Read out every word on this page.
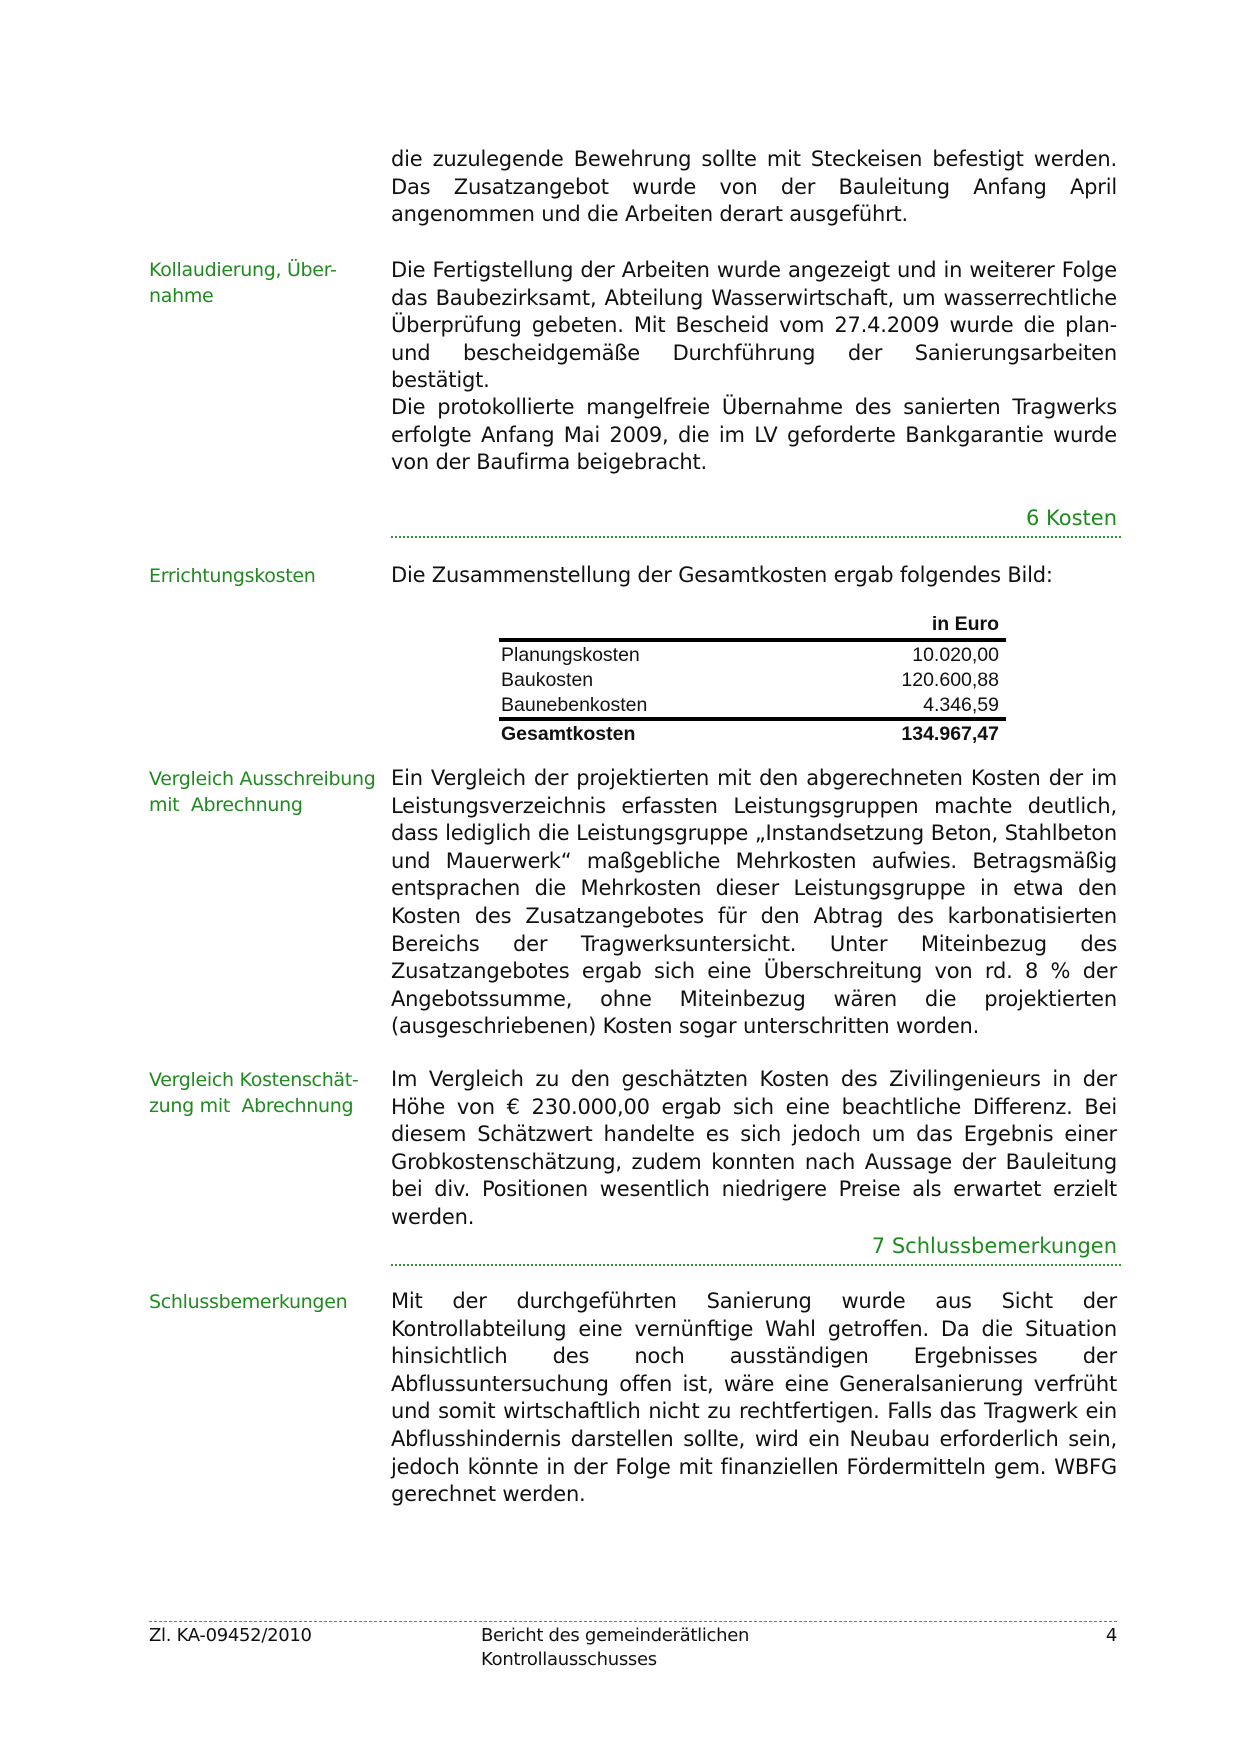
die zuzulegende Bewehrung sollte mit Steckeisen befestigt werden. Das Zusatzangebot wurde von der Bauleitung Anfang April angenommen und die Arbeiten derart ausgeführt.

Kollaudierung, Über-
nahme

Die Fertigstellung der Arbeiten wurde angezeigt und in weiterer Folge das Baubezirksamt, Abteilung Wasserwirtschaft, um wasserrechtliche Überprüfung gebeten. Mit Bescheid vom 27.4.2009 wurde die plan- und bescheidgemäße Durchführung der Sanierungsarbeiten bestätigt.

Die protokollierte mangelfreie Übernahme des sanierten Tragwerks erfolgte Anfang Mai 2009, die im LV geforderte Bankgarantie wurde von der Baufirma beigebracht.

6 Kosten
Errichtungskosten	Die Zusammenstellung der Gesamtkosten ergab folgendes Bild:

	in Euro
Planungskosten	10.020,00
Baukosten	120.600,88
Baunebenkosten	4.346,59
Gesamtkosten	134.967,47
Vergleich Ausschreibung
mit  Abrechnung

Ein Vergleich der projektierten mit den abgerechneten Kosten der im Leistungsverzeichnis erfassten Leistungsgruppen machte deutlich, dass lediglich die Leistungsgruppe „Instandsetzung Beton, Stahlbeton und Mauerwerk“ maßgebliche Mehrkosten aufwies. Betragsmäßig entsprachen die Mehrkosten dieser Leistungsgruppe in etwa den Kosten des Zusatzangebotes für den Abtrag des karbonatisierten Bereichs der Tragwerksuntersicht. Unter Miteinbezug des Zusatzangebotes ergab sich eine Überschreitung von rd. 8 % der Angebotssumme, ohne Miteinbezug wären die projektierten (ausgeschriebenen) Kosten sogar unterschritten worden.

Vergleich Kostenschät-
zung mit  Abrechnung

Im Vergleich zu den geschätzten Kosten des Zivilingenieurs in der Höhe von € 230.000,00 ergab sich eine beachtliche Differenz. Bei diesem Schätzwert handelte es sich jedoch um das Ergebnis einer Grobkostenschätzung, zudem konnten nach Aussage der Bauleitung bei div. Positionen wesentlich niedrigere Preise als erwartet erzielt werden.

7 Schlussbemerkungen
Schlussbemerkungen	Mit der durchgeführten Sanierung wurde aus Sicht der Kontrollabteilung eine vernünftige Wahl getroffen. Da die Situation hinsichtlich des noch ausständigen Ergebnisses der Abflussuntersuchung offen ist, wäre eine Generalsanierung verfrüht und somit wirtschaftlich nicht zu rechtfertigen. Falls das Tragwerk ein Abflusshindernis darstellen sollte, wird ein Neubau erforderlich sein, jedoch könnte in der Folge mit finanziellen Fördermitteln gem. WBFG gerechnet werden.

Zl. KA-09452/2010	Bericht des gemeinderätlichen Kontrollausschusses
4
